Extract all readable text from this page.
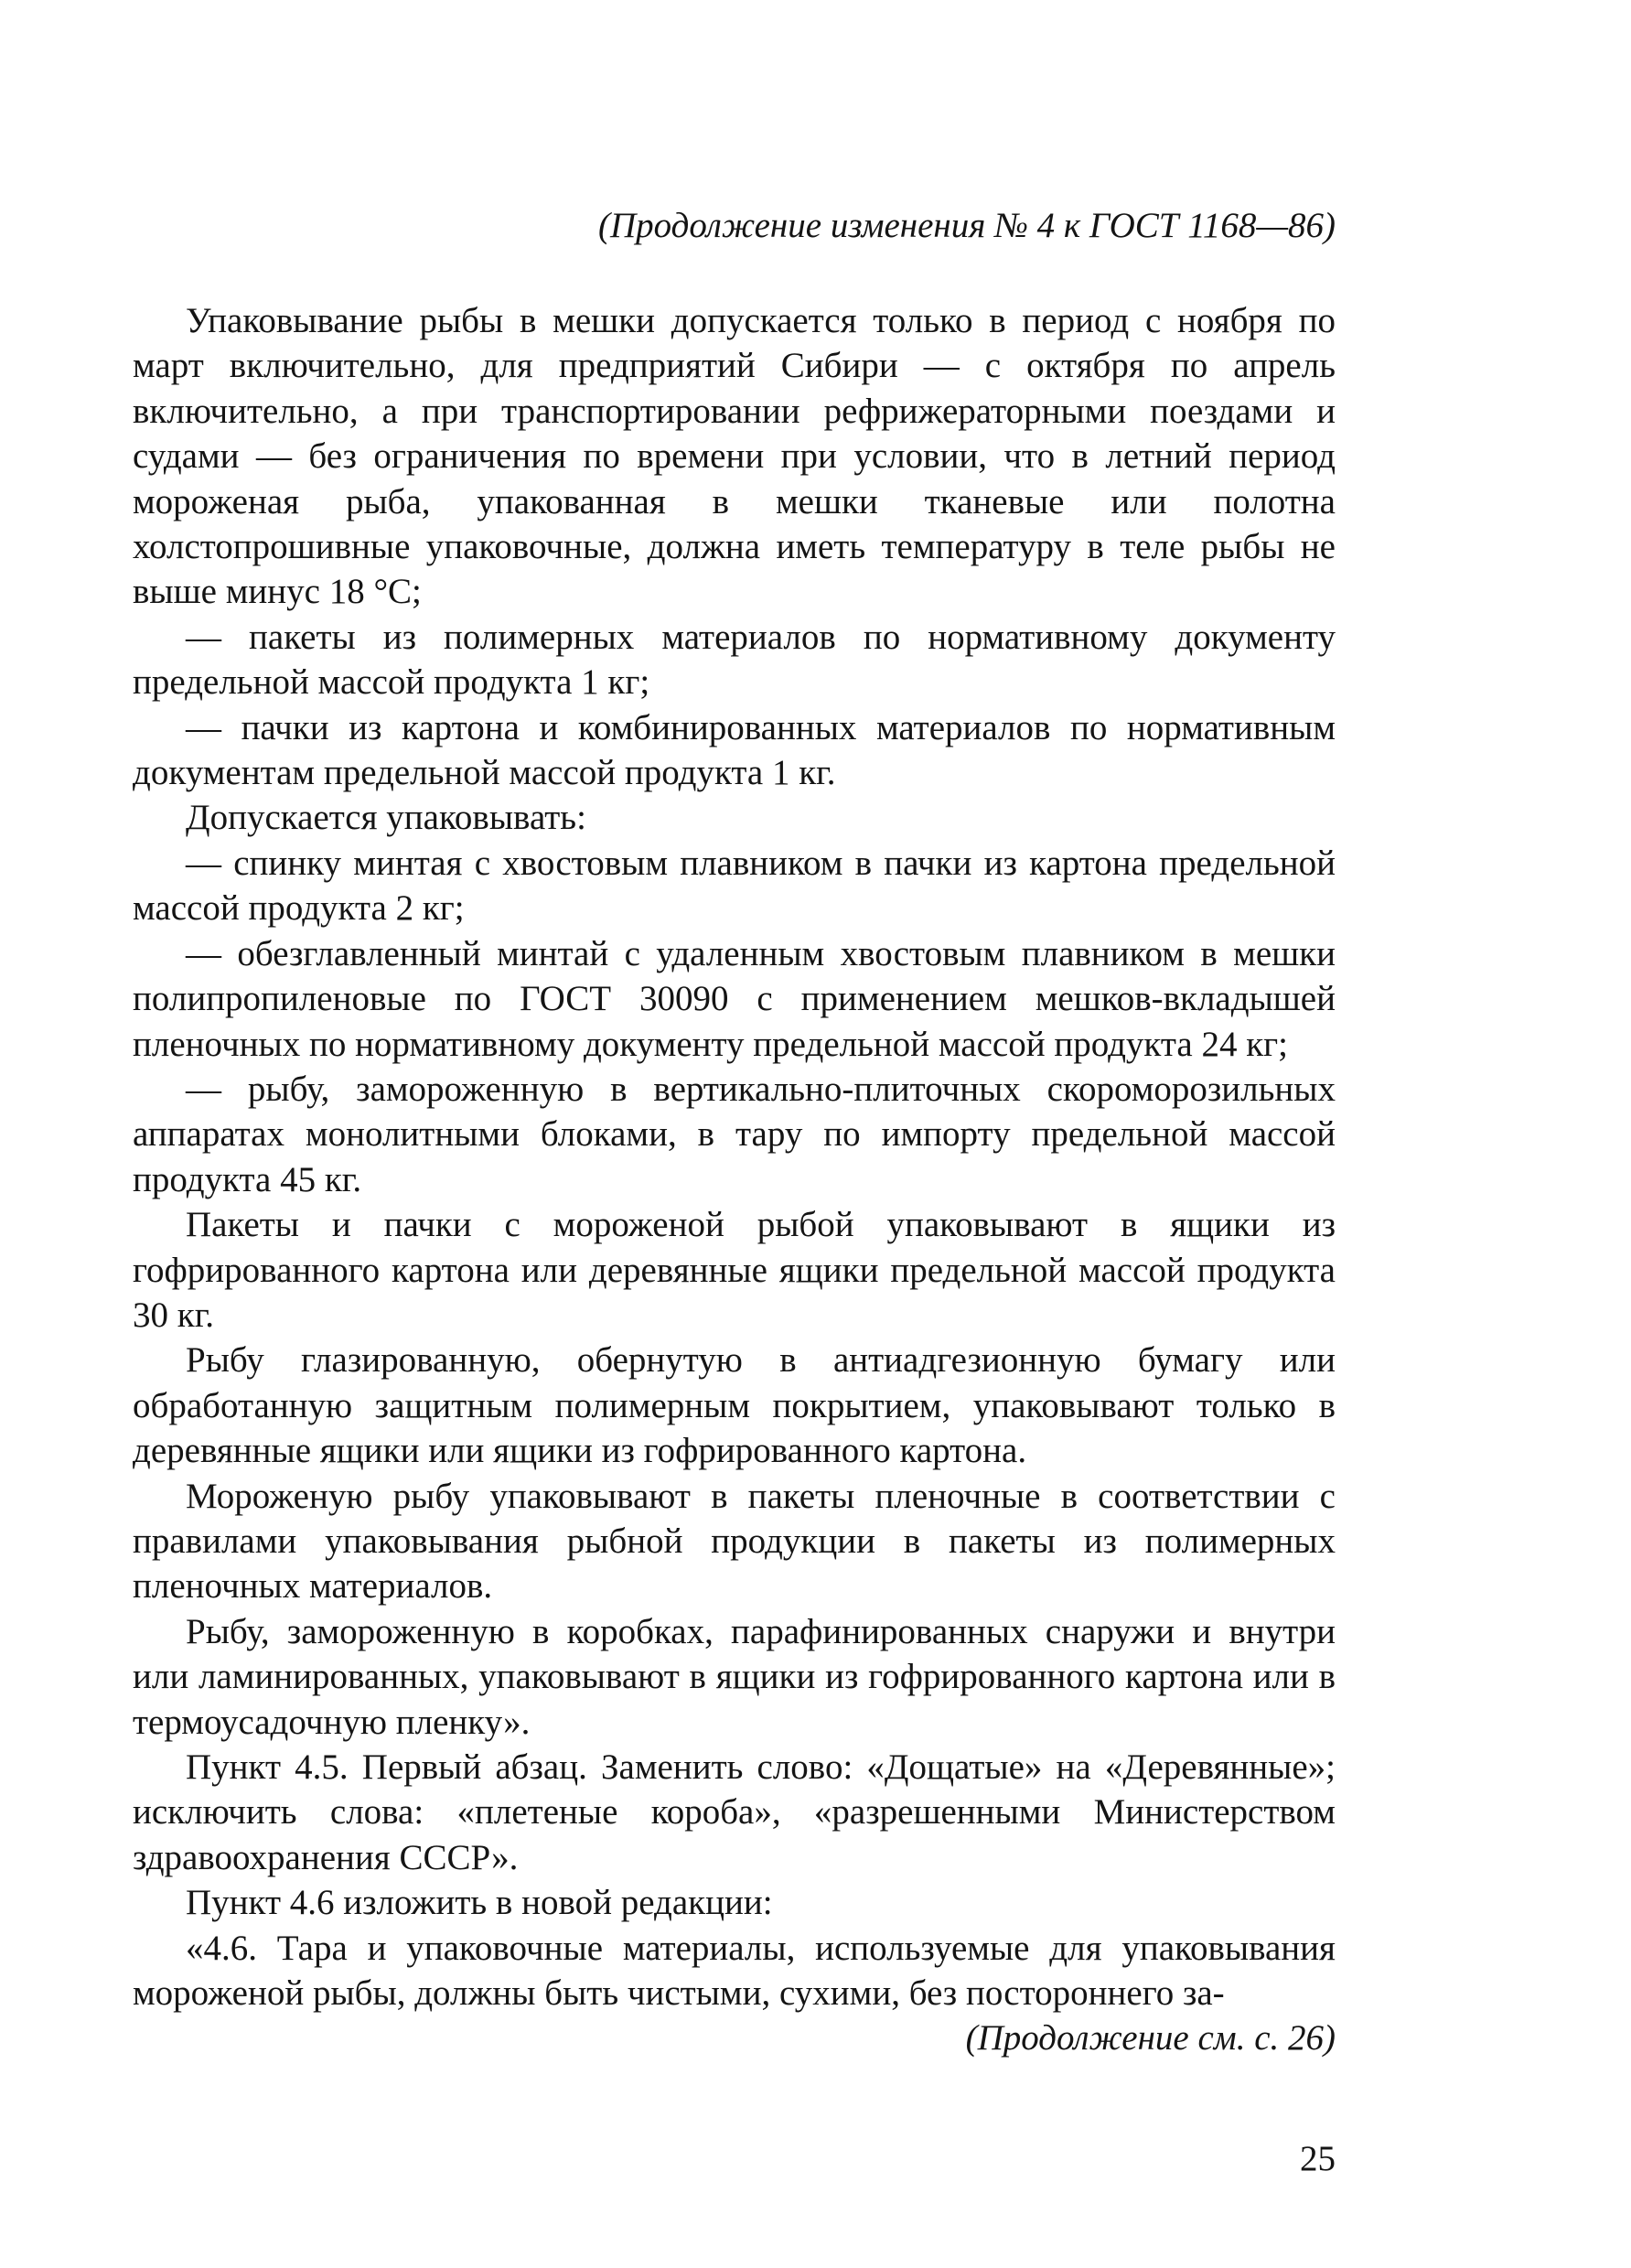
(Продолжение изменения № 4 к ГОСТ 1168—86)

Упаковывание рыбы в мешки допускается только в период с ноября по март включительно, для предприятий Сибири — с октября по апрель включительно, а при транспортировании рефрижераторными поездами и судами — без ограничения по времени при условии, что в летний период мороженая рыба, упакованная в мешки тканевые или полотна холстопрошивные упаковочные, должна иметь температуру в теле рыбы не выше минус 18 °С;

— пакеты из полимерных материалов по нормативному документу предельной массой продукта 1 кг;

— пачки из картона и комбинированных материалов по нормативным документам предельной массой продукта 1 кг.

Допускается упаковывать:

— спинку минтая с хвостовым плавником в пачки из картона предельной массой продукта 2 кг;

— обезглавленный минтай с удаленным хвостовым плавником в мешки полипропиленовые по ГОСТ 30090 с применением мешков-вкладышей пленочных по нормативному документу предельной массой продукта 24 кг;

— рыбу, замороженную в вертикально-плиточных скороморозильных аппаратах монолитными блоками, в тару по импорту предельной массой продукта 45 кг.

Пакеты и пачки с мороженой рыбой упаковывают в ящики из гофрированного картона или деревянные ящики предельной массой продукта 30 кг.

Рыбу глазированную, обернутую в антиадгезионную бумагу или обработанную защитным полимерным покрытием, упаковывают только в деревянные ящики или ящики из гофрированного картона.

Мороженую рыбу упаковывают в пакеты пленочные в соответствии с правилами упаковывания рыбной продукции в пакеты из полимерных пленочных материалов.

Рыбу, замороженную в коробках, парафинированных снаружи и внутри или ламинированных, упаковывают в ящики из гофрированного картона или в термоусадочную пленку».

Пункт 4.5. Первый абзац. Заменить слово: «Дощатые» на «Деревянные»; исключить слова: «плетеные короба», «разрешенными Министерством здравоохранения СССР».

Пункт 4.6 изложить в новой редакции:

«4.6. Тара и упаковочные материалы, используемые для упаковывания мороженой рыбы, должны быть чистыми, сухими, без постороннего за-

(Продолжение см. с. 26)

25
